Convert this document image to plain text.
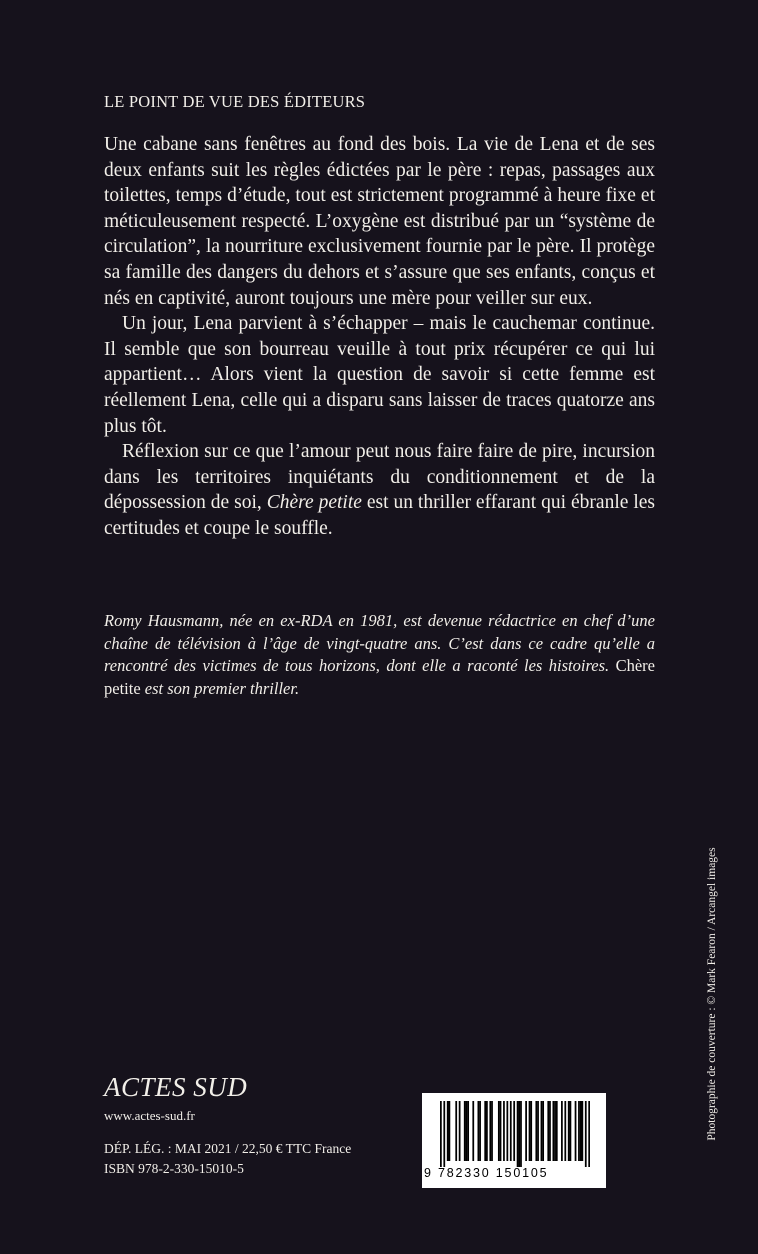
LE POINT DE VUE DES ÉDITEURS

Une cabane sans fenêtres au fond des bois. La vie de Lena et de ses deux enfants suit les règles édictées par le père : repas, passages aux toilettes, temps d’étude, tout est strictement programmé à heure fixe et méticuleusement respecté. L’oxygène est distribué par un “système de circulation”, la nourriture exclusivement fournie par le père. Il protège sa famille des dangers du dehors et s’assure que ses enfants, conçus et nés en captivité, auront toujours une mère pour veiller sur eux.

Un jour, Lena parvient à s’échapper – mais le cauchemar continue. Il semble que son bourreau veuille à tout prix récupérer ce qui lui appartient… Alors vient la question de savoir si cette femme est réellement Lena, celle qui a disparu sans laisser de traces quatorze ans plus tôt.

Réflexion sur ce que l’amour peut nous faire faire de pire, incursion dans les territoires inquiétants du conditionnement et de la dépossession de soi, Chère petite est un thriller effarant qui ébranle les certitudes et coupe le souffle.

Romy Hausmann, née en ex-RDA en 1981, est devenue rédactrice en chef d’une chaîne de télévision à l’âge de vingt-quatre ans. C’est dans ce cadre qu’elle a rencontré des victimes de tous horizons, dont elle a raconté les histoires. Chère petite est son premier thriller.

ACTES SUD
www.actes-sud.fr
DÉP. LÉG. : MAI 2021 / 22,50 € TTC France
ISBN 978-2-330-15010-5	9 782330 150105
Photographie de couverture : © Mark Fearon / Arcangel images
